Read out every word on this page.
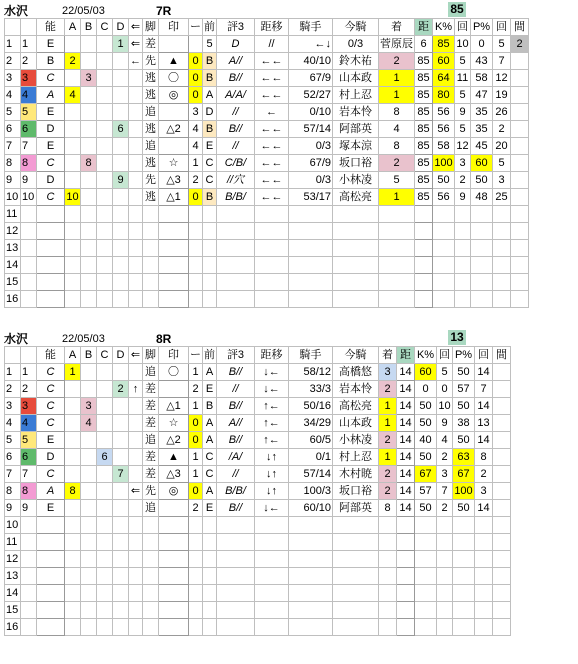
水沢	22/05/03	7R	85
		能	A	B	C	D	⇐	脚	印	ー	前	評3	距移	騎手	今騎	着	距	K%	回	P%	回	間
1	1	E				1	⇐	差			5	D	//	←↓	0/3	菅原辰	6	85	10	0	5	2
2	2	B	2				←	先	▲	0	B	A//	←←	40/10	鈴木祐	2	85	60	5	43	7	
3	3	C		3				逃	〇	0	B	B//	←←	67/9	山本政	1	85	64	11	58	12	
4	4	A	4					逃	◎	0	A	A/A/	←←	52/27	村上忍	1	85	80	5	47	19	
5	5	E						追		3	D	//	←	0/10	岩本怜	8	85	56	9	35	26	
6	6	D				6		逃	△2	4	B	B//	←←	57/14	阿部英	4	85	56	5	35	2	
7	7	E						追		4	E	//	←←	0/3	塚本涼	8	85	58	12	45	20	
8	8	C		8				逃	☆	1	C	C/B/	←←	67/9	坂口裕	2	85	100	3	60	5	
9	9	D				9		先	△3	2	C	//穴	←←	0/3	小林凌	5	85	50	2	50	3	
10	10	C	10					逃	△1	0	B	B/B/	←←	53/17	高松亮	1	85	56	9	48	25	
11																						
12																						
13																						
14																						
15																						
16																						
水沢	22/05/03	8R	13
		能	A	B	C	D	⇐	脚	印	ー	前	評3	距移	騎手	今騎	着	距	K%	回	P%	回	間
1	1	C	1					追	〇	1	A	B//	↓←	58/12	高橋悠	3	14	60	5	50	14	
2	2	C				2	↑	差		2	E	//	↓←	33/3	岩本怜	2	14	0	0	57	7	
3	3	C		3				差	△1	1	B	B//	↑←	50/16	高松亮	1	14	50	10	50	14	
4	4	C		4				差	☆	0	A	A//	↑←	34/29	山本政	1	14	50	9	38	13	
5	5	E						追	△2	0	A	B//	↑←	60/5	小林凌	2	14	40	4	50	14	
6	6	D			6			差	▲	1	C	/A/	↓↑	0/1	村上忍	1	14	50	2	63	8	
7	7	C				7		差	△3	1	C	//	↓↑	57/14	木村暁	2	14	67	3	67	2	
8	8	A	8				⇐	先	◎	0	A	B/B/	↓↑	100/3	坂口裕	2	14	57	7	100	3	
9	9	E						追		2	E	B//	↓←	60/10	阿部英	8	14	50	2	50	14	
10																						
11																						
12																						
13																						
14																						
15																						
16																						
